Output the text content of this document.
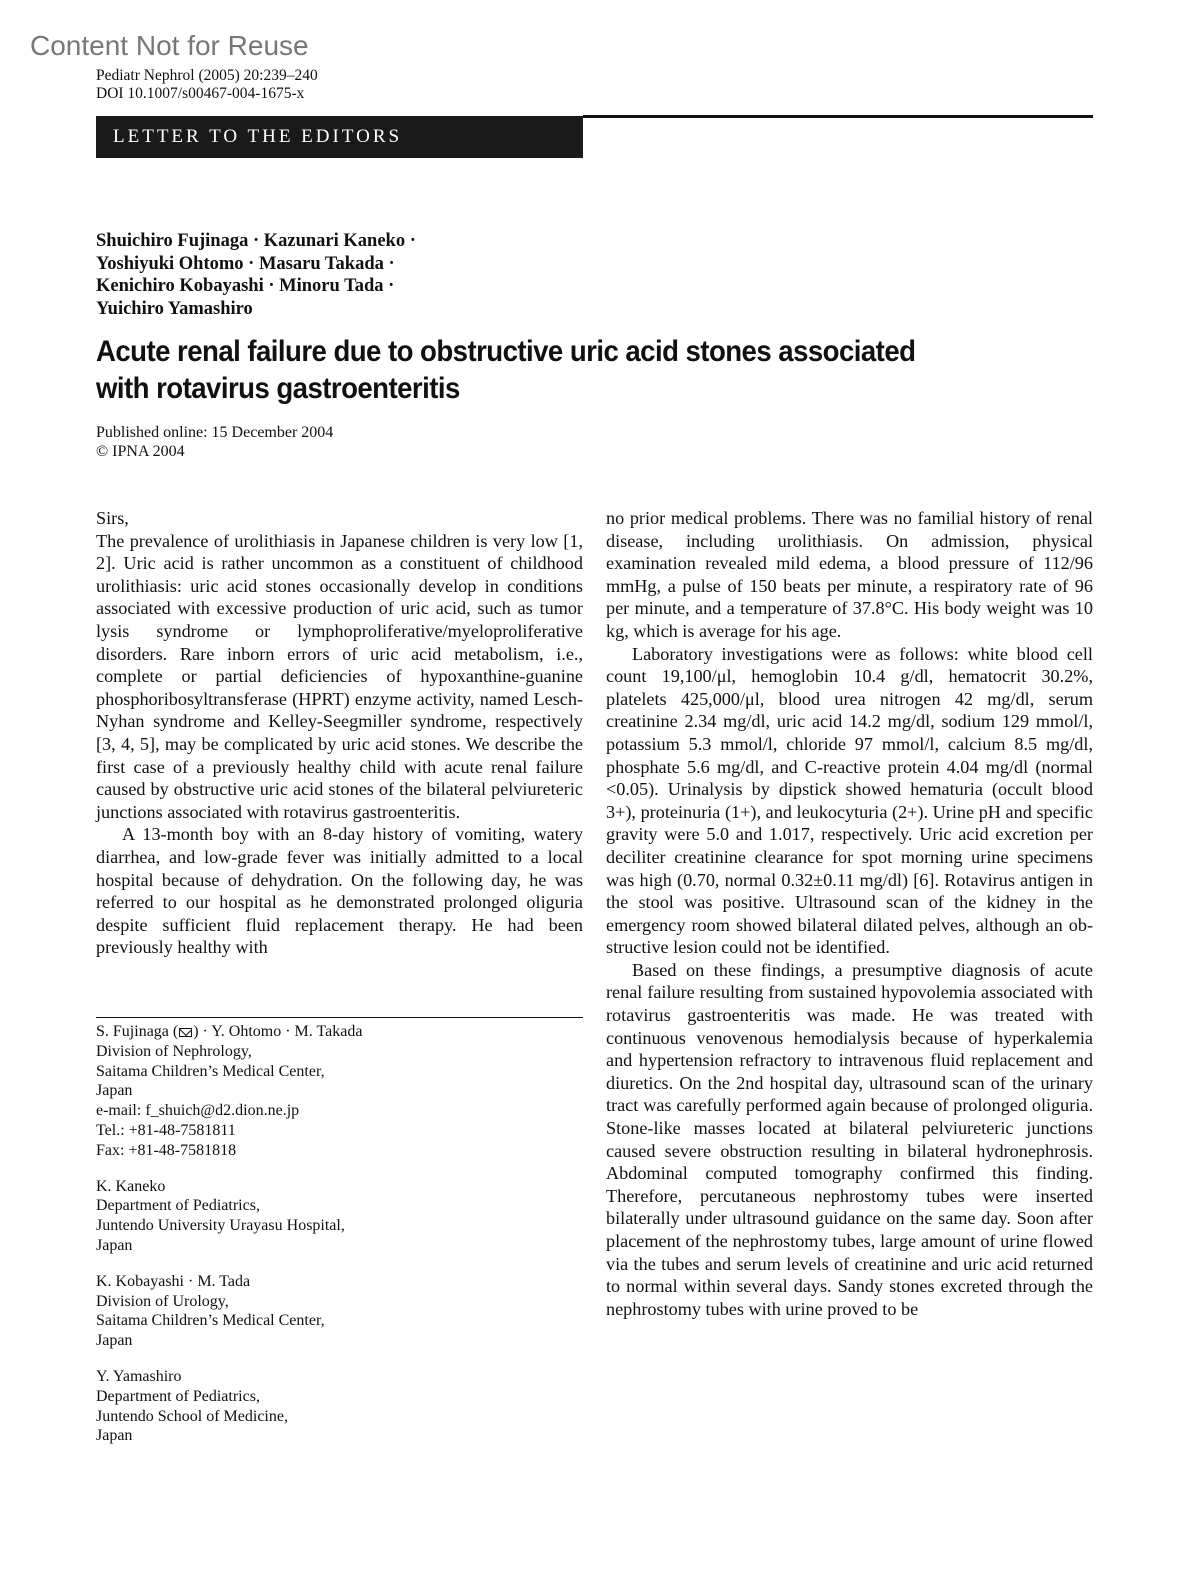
Content Not for Reuse
Pediatr Nephrol (2005) 20:239–240
DOI 10.1007/s00467-004-1675-x
LETTER TO THE EDITORS
Shuichiro Fujinaga · Kazunari Kaneko ·
Yoshiyuki Ohtomo · Masaru Takada ·
Kenichiro Kobayashi · Minoru Tada ·
Yuichiro Yamashiro
Acute renal failure due to obstructive uric acid stones associated
with rotavirus gastroenteritis
Published online: 15 December 2004
© IPNA 2004

Sirs,

The prevalence of urolithiasis in Japanese children is very low [1, 2]. Uric acid is rather uncommon as a constituent of childhood urolithiasis: uric acid stones occasionally develop in conditions associated with excessive production of uric acid, such as tumor lysis syndrome or lymphoproliferative/myeloproliferative disorders. Rare inborn errors of uric acid metabolism, i.e., complete or partial deficiencies of hypoxanthine-guanine phosphoribosyltransferase (HPRT) enzyme activity, named Lesch-Nyhan syndrome and Kelley-Seegmiller syndrome, respectively [3, 4, 5], may be complicated by uric acid stones. We describe the first case of a previously healthy child with acute renal failure caused by obstructive uric acid stones of the bilateral pelviureteric junctions associated with rotavirus gastroenteritis.

A 13-month boy with an 8-day history of vomiting, watery diarrhea, and low-grade fever was initially admitted to a local hospital because of dehydration. On the following day, he was referred to our hospital as he demonstrated prolonged oliguria despite sufficient fluid replacement therapy. He had been previously healthy with

S. Fujinaga ( ) · Y. Ohtomo · M. Takada
Division of Nephrology,
Saitama Children’s Medical Center,
Japan
e-mail: f_shuich@d2.dion.ne.jp
Tel.: +81-48-7581811
Fax: +81-48-7581818
K. Kaneko
Department of Pediatrics,
Juntendo University Urayasu Hospital,
Japan
K. Kobayashi · M. Tada
Division of Urology,
Saitama Children’s Medical Center,
Japan
Y. Yamashiro
Department of Pediatrics,
Juntendo School of Medicine,
Japan

no prior medical problems. There was no familial history of renal disease, including urolithiasis. On admission, physical examination revealed mild edema, a blood pressure of 112/96 mmHg, a pulse of 150 beats per minute, a respiratory rate of 96 per minute, and a temperature of 37.8°C. His body weight was 10 kg, which is average for his age.

Laboratory investigations were as follows: white blood cell count 19,100/μl, hemoglobin 10.4 g/dl, hematocrit 30.2%, platelets 425,000/μl, blood urea nitrogen 42 mg/​dl, serum creatinine 2.34 mg/dl, uric acid 14.2 mg/dl, sodium 129 mmol/l, potassium 5.3 mmol/l, chloride 97 mmol/l, calcium 8.5 mg/dl, phosphate 5.6 mg/dl, and C-reactive protein 4.04 mg/dl (normal <0.05). Urinalysis by dipstick showed hematuria (occult blood 3+), proteinuria (1+), and leukocyturia (2+). Urine pH and specific gravity were 5.0 and 1.017, respectively. Uric acid excretion per deciliter creatinine clearance for spot morning urine specimens was high (0.70, normal 0.32±0.11 mg/dl) [6]. Rotavirus antigen in the stool was positive. Ultrasound scan of the kidney in the emergency room showed bilateral dilated pelves, although an obstructive lesion could not be identified.

Based on these findings, a presumptive diagnosis of acute renal failure resulting from sustained hypovolemia associated with rotavirus gastroenteritis was made. He was treated with continuous venovenous hemodialysis because of hyperkalemia and hypertension refractory to intravenous fluid replacement and diuretics. On the 2nd hospital day, ultrasound scan of the urinary tract was carefully performed again because of prolonged oliguria. Stone-like masses located at bilateral pelviureteric junctions caused severe obstruction resulting in bilateral hydronephrosis. Abdominal computed tomography confirmed this finding. Therefore, percutaneous nephrostomy tubes were inserted bilaterally under ultrasound guidance on the same day. Soon after placement of the nephrostomy tubes, large amount of urine flowed via the tubes and serum levels of creatinine and uric acid returned to normal within several days. Sandy stones excreted through the nephrostomy tubes with urine proved to be
